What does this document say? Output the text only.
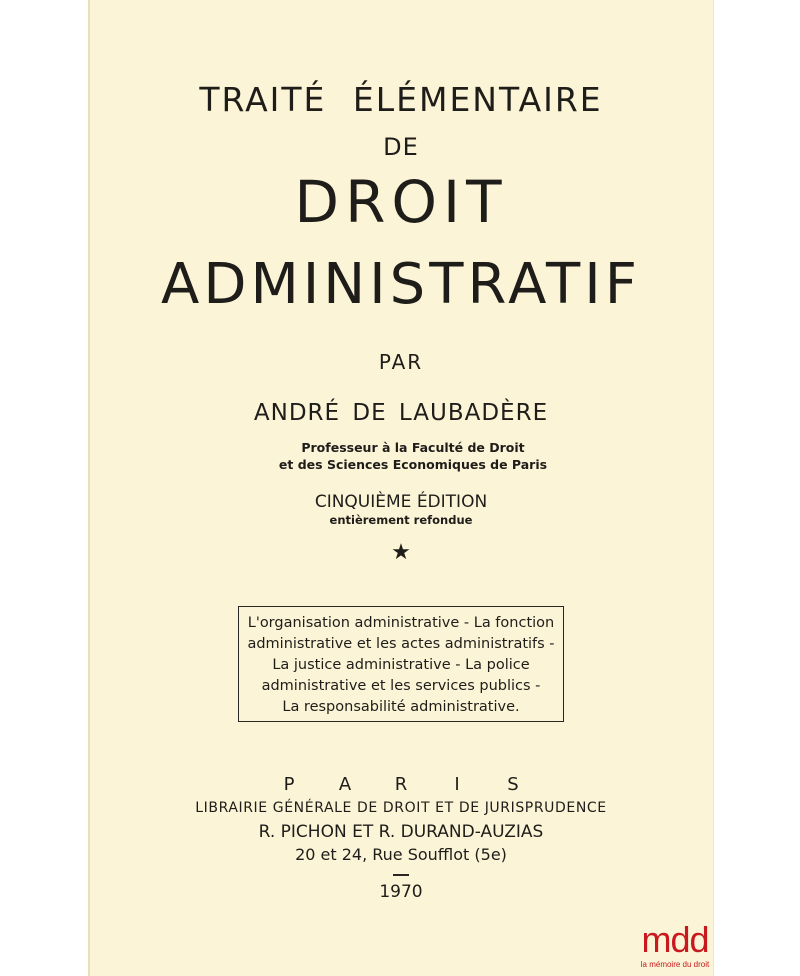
TRAITÉ ÉLÉMENTAIRE
DE
DROIT
ADMINISTRATIF
PAR
ANDRÉ DE LAUBADÈRE
Professeur à la Faculté de Droit
et des Sciences Economiques de Paris
CINQUIÈME ÉDITION
entièrement refondue
★
L'organisation administrative - La fonction
administrative et les actes administratifs -
La justice administrative - La police
administrative et les services publics -
La responsabilité administrative.
P A R	I	S
LIBRAIRIE GÉNÉRALE DE DROIT ET DE JURISPRUDENCE
R. PICHON ET R. DURAND-AUZIAS
20 et 24, Rue Soufflot (5e)
1970
mdd
la mémoire du droit
